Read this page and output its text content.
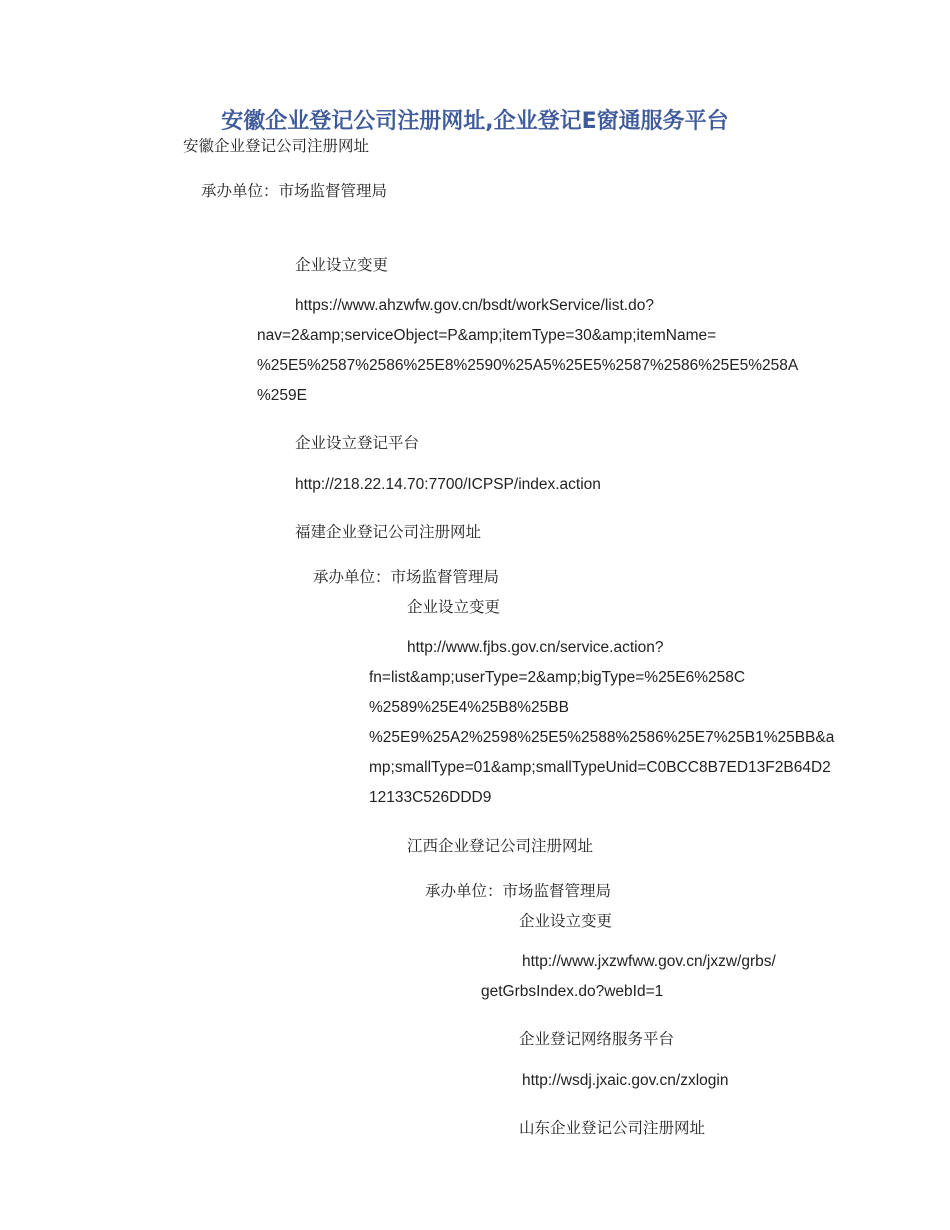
安徽企业登记公司注册网址,企业登记E窗通服务平台
安徽企业登记公司注册网址
承办单位：市场监督管理局
企业设立变更
https://www.ahzwfw.gov.cn/bsdt/workService/list.do?
nav=2&amp;serviceObject=P&amp;itemType=30&amp;itemName=
%25E5%2587%2586%25E8%2590%25A5%25E5%2587%2586%25E5%258A
%259E
企业设立登记平台
http://218.22.14.70:7700/ICPSP/index.action
福建企业登记公司注册网址
承办单位：市场监督管理局
企业设立变更
http://www.fjbs.gov.cn/service.action?
fn=list&amp;userType=2&amp;bigType=%25E6%258C
%2589%25E4%25B8%25BB
%25E9%25A2%2598%25E5%2588%2586%25E7%25B1%25BB&a
mp;smallType=01&amp;smallTypeUnid=C0BCC8B7ED13F2B64D2
12133C526DDD9
江西企业登记公司注册网址
承办单位：市场监督管理局
企业设立变更
http://www.jxzwfww.gov.cn/jxzw/grbs/
getGrbsIndex.do?webId=1
企业登记网络服务平台
http://wsdj.jxaic.gov.cn/zxlogin
山东企业登记公司注册网址
